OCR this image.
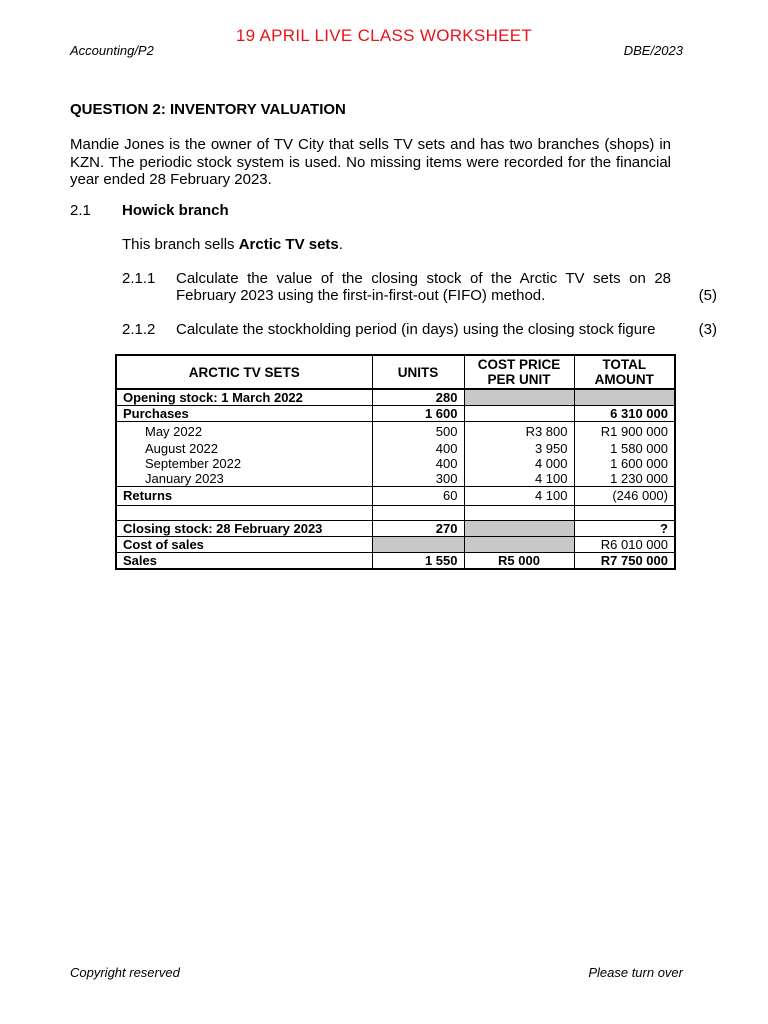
19 APRIL LIVE CLASS WORKSHEET
Accounting/P2	DBE/2023
QUESTION 2: INVENTORY VALUATION
Mandie Jones is the owner of TV City that sells TV sets and has two branches (shops) in KZN. The periodic stock system is used. No missing items were recorded for the financial year ended 28 February 2023.
2.1 Howick branch
This branch sells Arctic TV sets.
2.1.1 Calculate the value of the closing stock of the Arctic TV sets on 28 February 2023 using the first-in-first-out (FIFO) method.	(5)
2.1.2 Calculate the stockholding period (in days) using the closing stock figure	(3)
ARCTIC TV SETS	UNITS	COST PRICE PER UNIT	TOTAL AMOUNT
Opening stock: 1 March 2022	280		
Purchases	1 600		6 310 000
May 2022	500	R3 800	R1 900 000
August 2022	400	3 950	1 580 000
September 2022	400	4 000	1 600 000
January 2023	300	4 100	1 230 000
Returns	60	4 100	(246 000)

Closing stock: 28 February 2023	270		?
Cost of sales			R6 010 000
Sales	1 550	R5 000	R7 750 000
Copyright reserved	Please turn over
